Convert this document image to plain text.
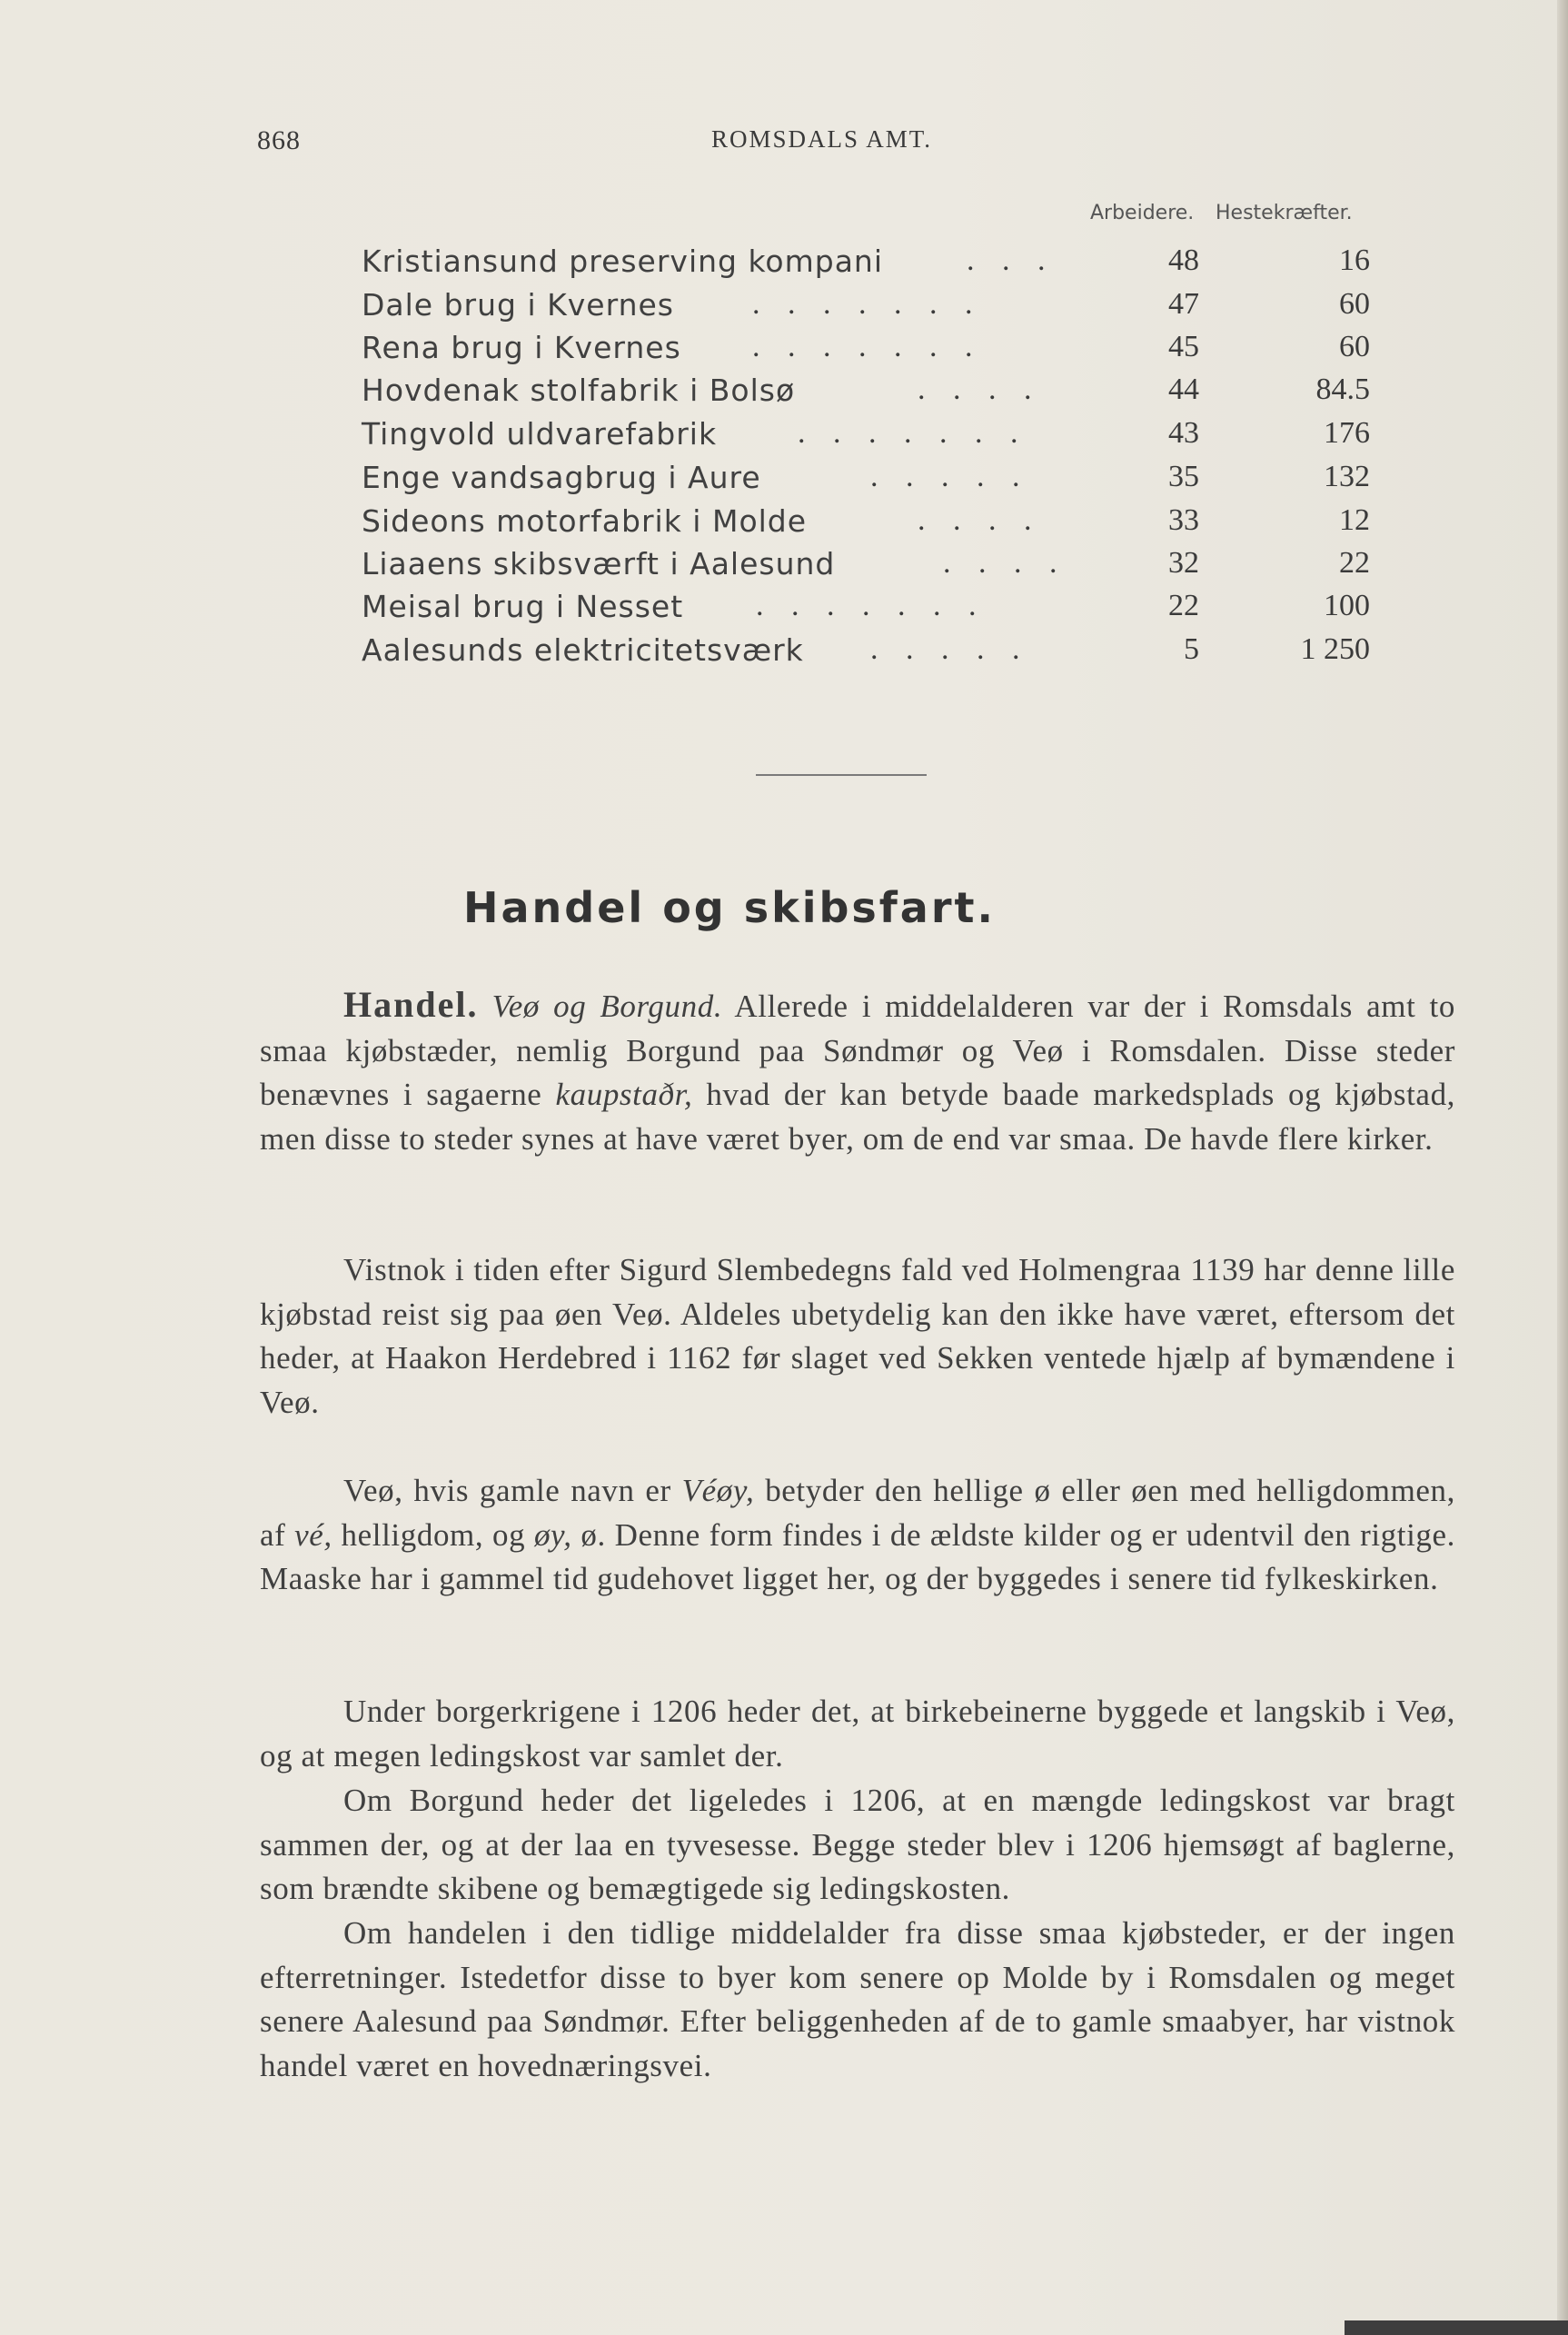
868	ROMSDALS AMT.
Arbeidere. Hestekræfter.
Kristiansund preserving kompani	. . .	48	16
Dale brug i Kvernes	. . . . . . .	47	60
Rena brug i Kvernes . . . . . . .	45	60
Hovdenak stolfabrik i Bolsø	. . . .	44	84.5
Tingvold uldvarefabrik	. . . . . . .	43	176
Enge vandsagbrug i Aure	. . . . .	35	132
Sideons motorfabrik i Molde	. . . .	33	12
Liaaens skibsværft i Aalesund	. . . .	32	22
Meisal brug i Nesset . . . . . . .	22	100
Aalesunds elektricitetsværk . . . . .	5	1 250
Handel og skibsfart.
Handel. Veø og Borgund. Allerede i middelalderen var der i Romsdals amt to smaa kjøbstæder, nemlig Borgund paa Søndmør og Veø i Romsdalen. Disse steder benævnes i sagaerne kaupstaðr, hvad der kan betyde baade markedsplads og kjøbstad, men disse to steder synes at have været byer, om de end var smaa. De havde flere kirker.
Vistnok i tiden efter Sigurd Slembedegns fald ved Holmengraa 1139 har denne lille kjøbstad reist sig paa øen Veø. Aldeles ubetydelig kan den ikke have været, eftersom det heder, at Haakon Herdebred i 1162 før slaget ved Sekken ventede hjælp af bymændene i Veø.
Veø, hvis gamle navn er Véøy, betyder den hellige ø eller øen med helligdommen, af vé, helligdom, og øy, ø. Denne form findes i de ældste kilder og er udentvil den rigtige. Maaske har i gammel tid gudehovet ligget her, og der byggedes i senere tid fylkeskirken.
Under borgerkrigene i 1206 heder det, at birkebeinerne byggede et langskib i Veø, og at megen ledingskost var samlet der.
Om Borgund heder det ligeledes i 1206, at en mængde ledingskost var bragt sammen der, og at der laa en tyvesesse. Begge steder blev i 1206 hjemsøgt af baglerne, som brændte skibene og bemægtigede sig ledingskosten.
Om handelen i den tidlige middelalder fra disse smaa kjøbsteder, er der ingen efterretninger. Istedetfor disse to byer kom senere op Molde by i Romsdalen og meget senere Aalesund paa Søndmør. Efter beliggenheden af de to gamle smaabyer, har vistnok handel været en hovednæringsvei.
